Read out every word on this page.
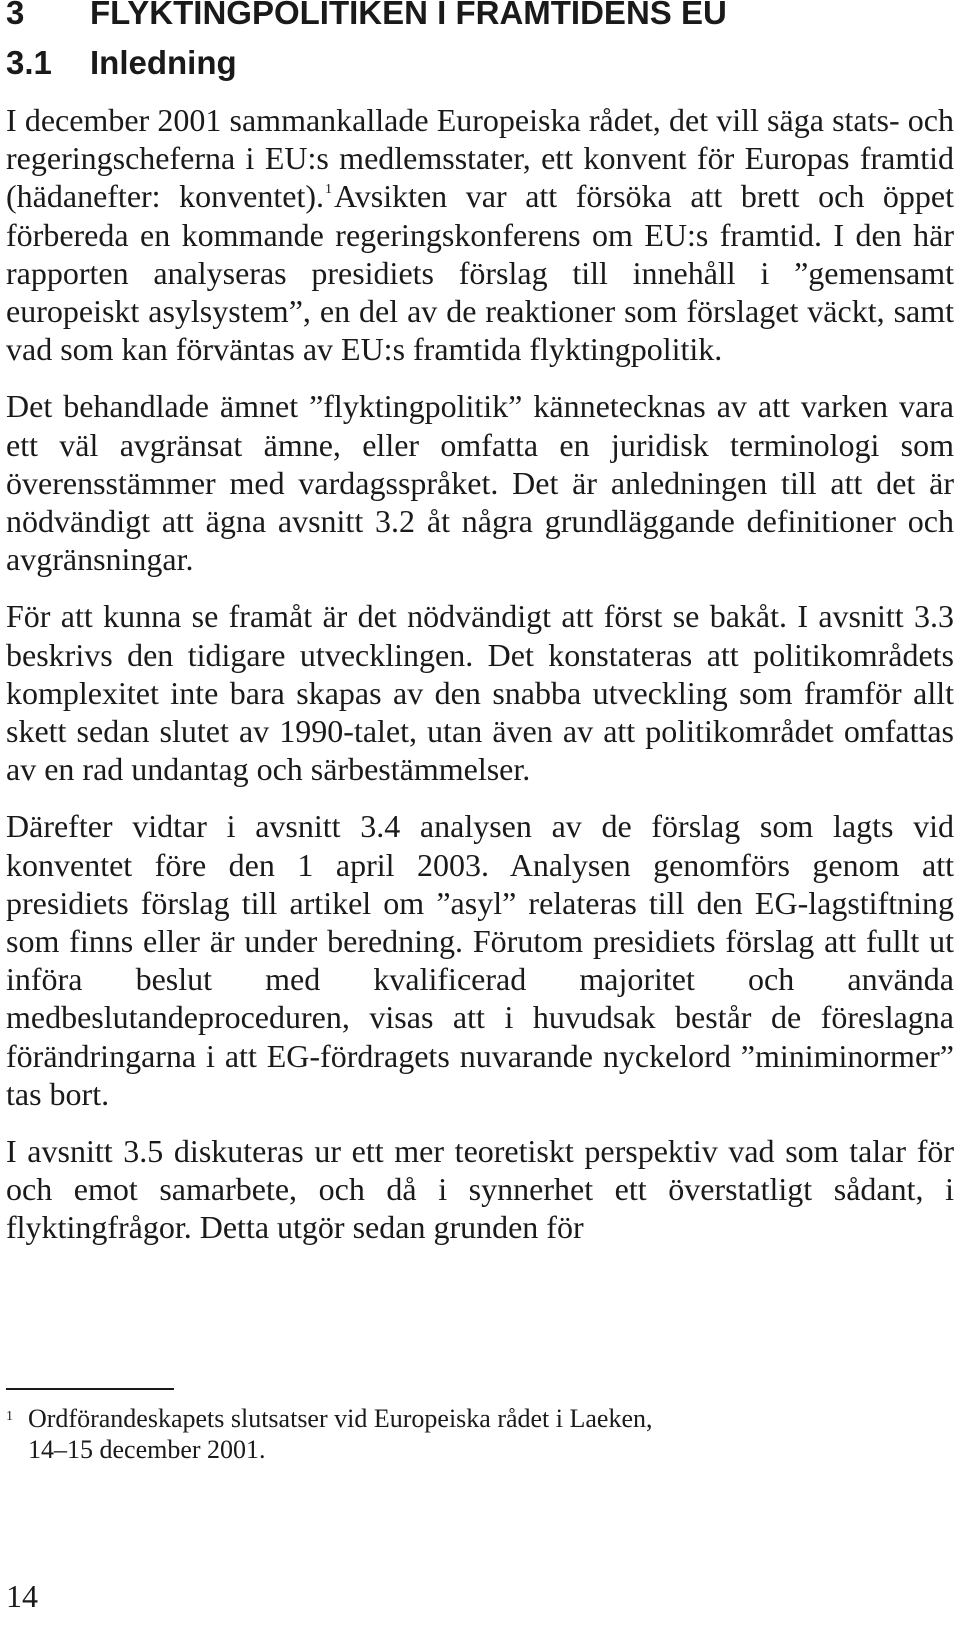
3 FLYKTINGPOLITIKEN I FRAMTIDENS EU
3.1 Inledning

I december 2001 sammankallade Europeiska rådet, det vill säga stats- och regeringscheferna i EU:s medlemsstater, ett konvent för Europas framtid (hädanefter: konventet).$^1$Avsikten var att försöka att brett och öppet förbereda en kommande regeringskonferens om EU:s framtid. I den här rapporten analyseras presidiets förslag till innehåll i ”gemensamt europeiskt asylsystem”, en del av de reaktioner som förslaget väckt, samt vad som kan förväntas av EU:s framtida flyktingpolitik.

Det behandlade ämnet ”flyktingpolitik” kännetecknas av att varken vara ett väl avgränsat ämne, eller omfatta en juridisk terminologi som överensstämmer med vardagsspråket. Det är anledningen till att det är nödvändigt att ägna avsnitt 3.2 åt några grundläggande definitioner och avgränsningar.

För att kunna se framåt är det nödvändigt att först se bakåt. I avsnitt 3.3 beskrivs den tidigare utvecklingen. Det konstateras att politikområdets komplexitet inte bara skapas av den snabba utveckling som framför allt skett sedan slutet av 1990-talet, utan även av att politikområdet omfattas av en rad undantag och särbestämmelser.

Därefter vidtar i avsnitt 3.4 analysen av de förslag som lagts vid konventet före den 1 april 2003. Analysen genomförs genom att presidiets förslag till artikel om ”asyl” relateras till den EG-lagstiftning som finns eller är under beredning. Förutom presidiets förslag att fullt ut införa beslut med kvalificerad majoritet och använda medbeslutandeproceduren, visas att i huvudsak består de föreslagna förändringarna i att EG-fördragets nuvarande nyckelord ”miniminormer” tas bort.

I avsnitt 3.5 diskuteras ur ett mer teoretiskt perspektiv vad som talar för och emot samarbete, och då i synnerhet ett överstatligt sådant, i flyktingfrågor. Detta utgör sedan grunden för

1 Ordförandeskapets slutsatser vid Europeiska rådet i Laeken,
14–15 december 2001.
14
